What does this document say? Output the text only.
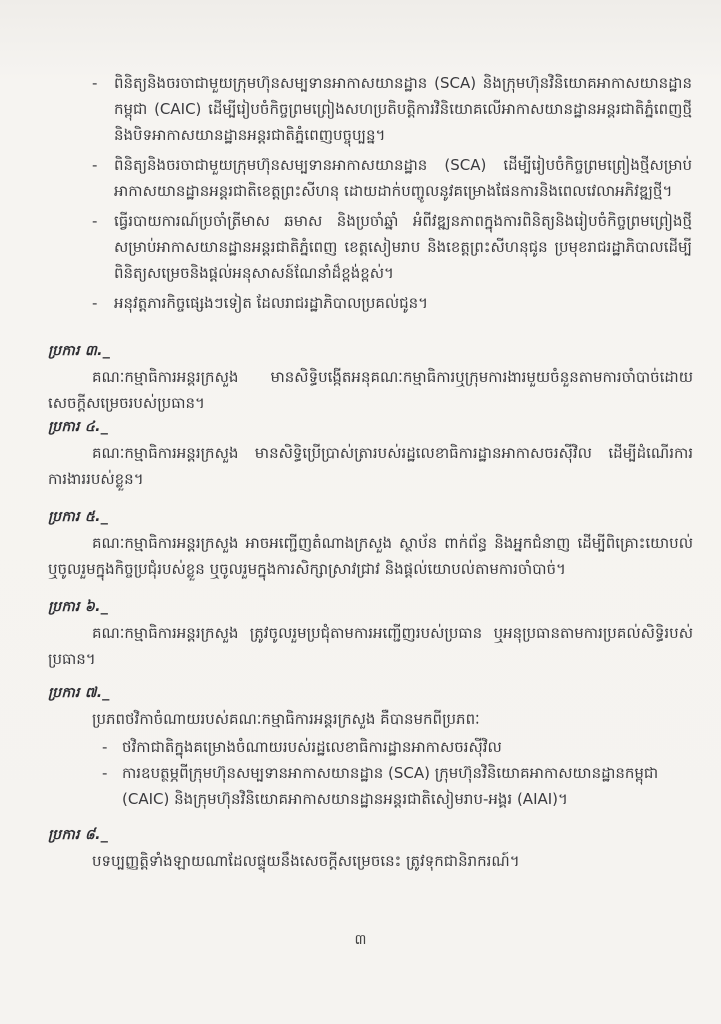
- ពិនិត្យនិងចរចាជាមួយក្រុមហ៊ុនសម្បទានអាកាសយានដ្ឋាន (SCA) និងក្រុមហ៊ុនវិនិយោគអាកាសយានដ្ឋានកម្ពុជា (CAIC) ដើម្បីរៀបចំកិច្ចព្រមព្រៀងសហប្រតិបត្តិការវិនិយោគលើអាកាសយានដ្ឋានអន្តរជាតិភ្នំពេញថ្មី និងបិទអាកាសយានដ្ឋានអន្តរជាតិភ្នំពេញបច្ចុប្បន្ន។
- ពិនិត្យនិងចរចាជាមួយក្រុមហ៊ុនសម្បទានអាកាសយានដ្ឋាន (SCA) ដើម្បីរៀបចំកិច្ចព្រមព្រៀងថ្មីសម្រាប់អាកាសយានដ្ឋានអន្តរជាតិខេត្តព្រះសីហនុ ដោយដាក់បញ្ចូលនូវគម្រោងផែនការនិងពេលវេលាអភិវឌ្ឍថ្មី។
- ធ្វើរបាយការណ៍ប្រចាំត្រីមាស ឆមាស និងប្រចាំឆ្នាំ អំពីវឌ្ឍនភាពក្នុងការពិនិត្យនិងរៀបចំកិច្ចព្រមព្រៀងថ្មីសម្រាប់អាកាសយានដ្ឋានអន្តរជាតិភ្នំពេញ ខេត្តសៀមរាប និងខេត្តព្រះសីហនុជូន ប្រមុខរាជរដ្ឋាភិបាលដើម្បីពិនិត្យសម្រេចនិងផ្តល់អនុសាសន៍ណែនាំដ៏ខ្ពង់ខ្ពស់។
- អនុវត្តភារកិច្ចផ្សេងៗទៀត ដែលរាជរដ្ឋាភិបាលប្រគល់ជូន។
ប្រការ ៣._
គណៈកម្មាធិការអន្តរក្រសួង មានសិទ្ធិបង្កើតអនុគណៈកម្មាធិការឬក្រុមការងារមួយចំនួនតាមការចាំបាច់ដោយសេចក្តីសម្រេចរបស់ប្រធាន។
ប្រការ ៤._
គណៈកម្មាធិការអន្តរក្រសួង មានសិទ្ធិប្រើប្រាស់ត្រារបស់រដ្ឋលេខាធិការដ្ឋានអាកាសចរស៊ីវិល ដើម្បីដំណើរការការងាររបស់ខ្លួន។
ប្រការ ៥._
គណៈកម្មាធិការអន្តរក្រសួង អាចអញ្ជើញតំណាងក្រសួង ស្ថាប័ន ពាក់ព័ន្ធ និងអ្នកជំនាញ ដើម្បីពិគ្រោះយោបល់ ឬចូលរួមក្នុងកិច្ចប្រជុំរបស់ខ្លួន ឬចូលរួមក្នុងការសិក្សាស្រាវជ្រាវ និងផ្តល់យោបល់តាមការចាំបាច់។
ប្រការ ៦._
គណៈកម្មាធិការអន្តរក្រសួង ត្រូវចូលរួមប្រជុំតាមការអញ្ជើញរបស់ប្រធាន ឬអនុប្រធានតាមការប្រគល់សិទ្ធិរបស់ប្រធាន។
ប្រការ ៧._
ប្រភពថវិកាចំណាយរបស់គណៈកម្មាធិការអន្តរក្រសួង គឺបានមកពីប្រភពៈ
- ថវិកាជាតិក្នុងគម្រោងចំណាយរបស់រដ្ឋលេខាធិការដ្ឋានអាកាសចរស៊ីវិល
- ការឧបត្ថម្ភពីក្រុមហ៊ុនសម្បទានអាកាសយានដ្ឋាន (SCA) ក្រុមហ៊ុនវិនិយោគអាកាសយានដ្ឋានកម្ពុជា (CAIC) និងក្រុមហ៊ុនវិនិយោគអាកាសយានដ្ឋានអន្តរជាតិសៀមរាប-អង្គរ (AIAI)។
ប្រការ ៨._
បទប្បញ្ញត្តិទាំងឡាយណាដែលផ្ទុយនឹងសេចក្តីសម្រេចនេះ ត្រូវទុកជានិរាករណ៍។
៣
